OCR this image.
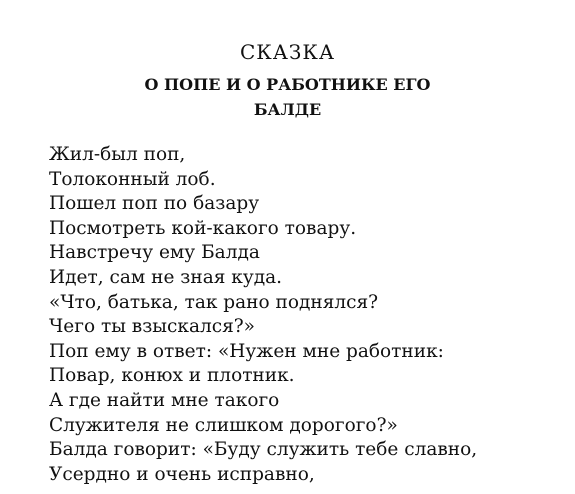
СКАЗКА
О ПОПЕ И О РАБОТНИКЕ ЕГО
БАЛДЕ
Жил-был поп,
Толоконный лоб.
Пошел поп по базару
Посмотреть кой-какого товару.
Навстречу ему Балда
Идет, сам не зная куда.
«Что, батька, так рано поднялся?
Чего ты взыскался?»
Поп ему в ответ: «Нужен мне работник:
Повар, конюх и плотник.
А где найти мне такого
Служителя не слишком дорогого?»
Балда говорит: «Буду служить тебе славно,
Усердно и очень исправно,
